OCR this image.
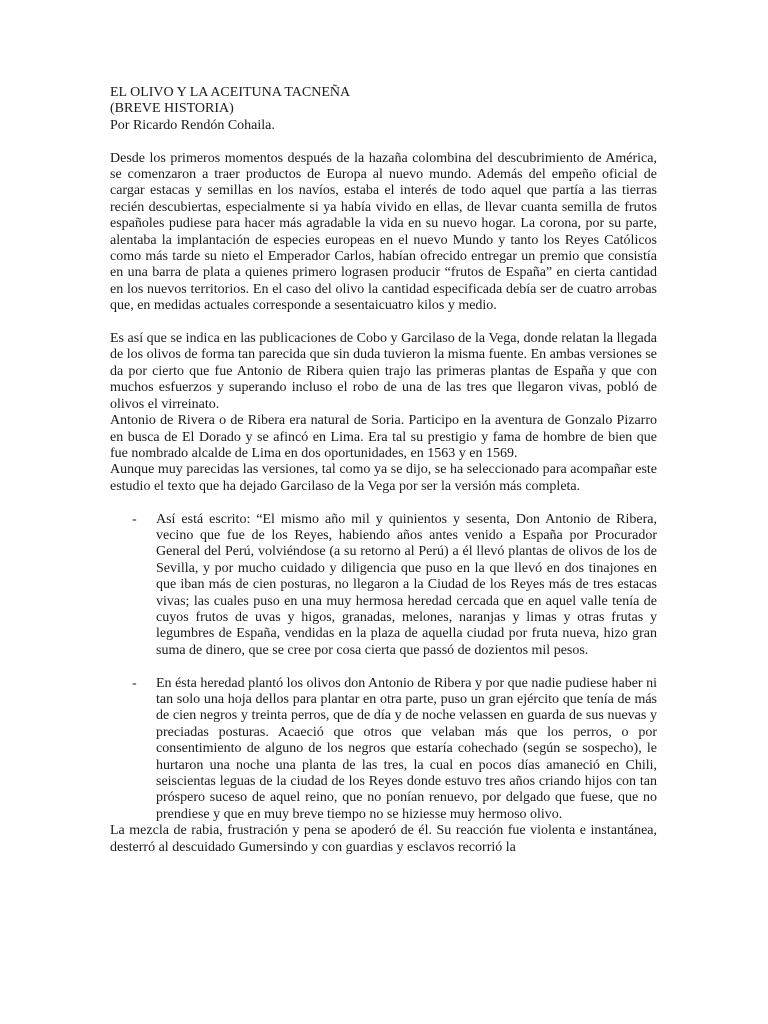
EL OLIVO Y LA ACEITUNA TACNEÑA

(BREVE HISTORIA)

Por Ricardo Rendón Cohaila.

Desde los primeros momentos después de la hazaña colombina del descubrimiento de América, se comenzaron a traer productos de Europa al nuevo mundo. Además del empeño oficial de cargar estacas y semillas en los navíos, estaba el interés de todo aquel que partía a las tierras recién descubiertas, especialmente si ya había vivido en ellas, de llevar cuanta semilla de frutos españoles pudiese para hacer más agradable la vida en su nuevo hogar. La corona, por su parte, alentaba la implantación de especies europeas en el nuevo Mundo y tanto los Reyes Católicos como más tarde su nieto el Emperador Carlos, habían ofrecido entregar un premio que consistía en una barra de plata a quienes primero lograsen producir “frutos de España” en cierta cantidad en los nuevos territorios. En el caso del olivo la cantidad especificada debía ser de cuatro arrobas que, en medidas actuales corresponde a sesentaicuatro kilos y medio.

Es así que se indica en las publicaciones de Cobo y Garcilaso de la Vega, donde relatan la llegada de los olivos de forma tan parecida que sin duda tuvieron la misma fuente. En ambas versiones se da por cierto que fue Antonio de Ribera quien trajo las primeras plantas de España y que con muchos esfuerzos y superando incluso el robo de una de las tres que llegaron vivas, pobló de olivos el virreinato.

Antonio de Rivera o de Ribera era natural de Soria. Participo en la aventura de Gonzalo Pizarro en busca de El Dorado y se afincó en Lima. Era tal su prestigio y fama de hombre de bien que fue nombrado alcalde de Lima en dos oportunidades, en 1563 y en 1569.

Aunque muy parecidas las versiones, tal como ya se dijo, se ha seleccionado para acompañar este estudio el texto que ha dejado Garcilaso de la Vega por ser la versión más completa.

- Así está escrito: “El mismo año mil y quinientos y sesenta, Don Antonio de Ribera, vecino que fue de los Reyes, habiendo años antes venido a España por Procurador General del Perú, volviéndose (a su retorno al Perú) a él llevó plantas de olivos de los de Sevilla, y por mucho cuidado y diligencia que puso en la que llevó en dos tinajones en que iban más de cien posturas, no llegaron a la Ciudad de los Reyes más de tres estacas vivas; las cuales puso en una muy hermosa heredad cercada que en aquel valle tenía de cuyos frutos de uvas y higos, granadas, melones, naranjas y limas y otras frutas y legumbres de España, vendidas en la plaza de aquella ciudad por fruta nueva, hizo gran suma de dinero, que se cree por cosa cierta que passó de dozientos mil pesos.
- En ésta heredad plantó los olivos don Antonio de Ribera y por que nadie pudiese haber ni tan solo una hoja dellos para plantar en otra parte, puso un gran ejército que tenía de más de cien negros y treinta perros, que de día y de noche velassen en guarda de sus nuevas y preciadas posturas. Acaeció que otros que velaban más que los perros, o por consentimiento de alguno de los negros que estaría cohechado (según se sospecho), le hurtaron una noche una planta de las tres, la cual en pocos días amaneció en Chili, seiscientas leguas de la ciudad de los Reyes donde estuvo tres años criando hijos con tan próspero suceso de aquel reino, que no ponían renuevo, por delgado que fuese, que no prendiese y que en muy breve tiempo no se hiziesse muy hermoso olivo.

La mezcla de rabia, frustración y pena se apoderó de él. Su reacción fue violenta e instantánea, desterró al descuidado Gumersindo y con guardias y esclavos recorrió la
